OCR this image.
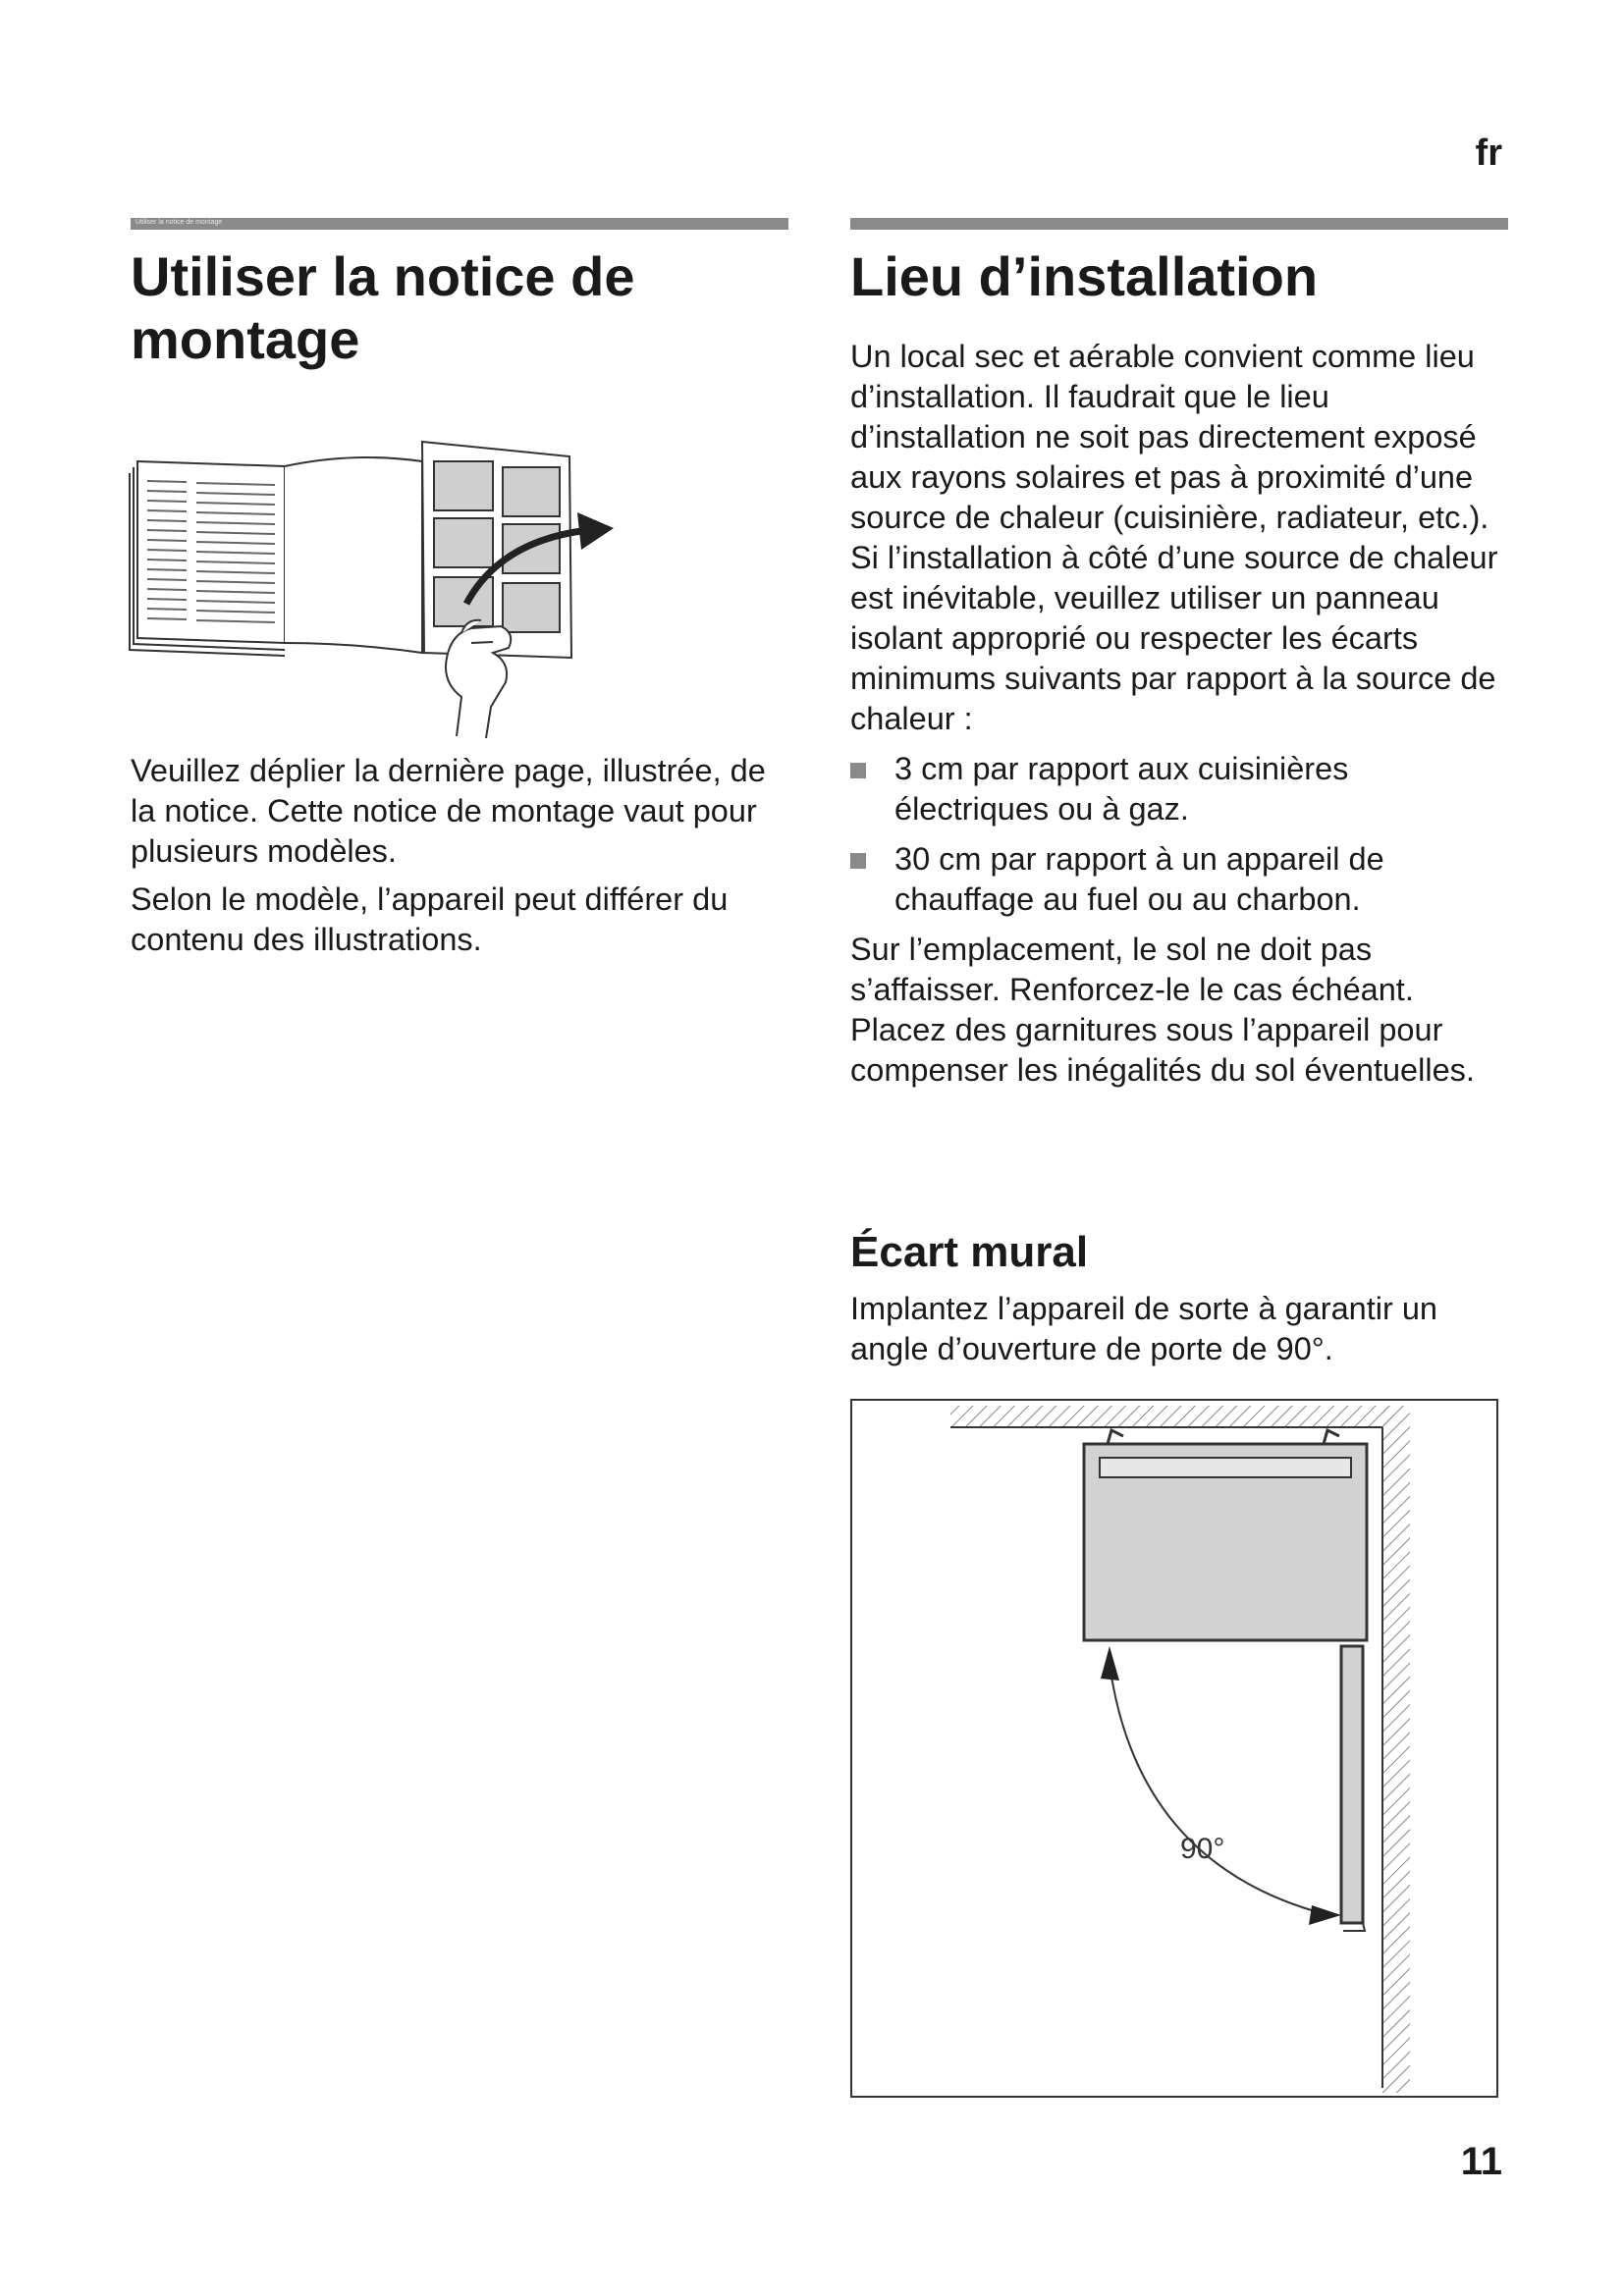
fr
Utiliser la notice de montage
Utiliser la notice de montage

Veuillez déplier la dernière page, illustrée, de la notice. Cette notice de montage vaut pour plusieurs modèles.

Selon le modèle, l’appareil peut différer du contenu des illustrations.

Lieu d’installation

Un local sec et aérable convient comme lieu d’installation. Il faudrait que le lieu d’installation ne soit pas directement exposé aux rayons solaires et pas à proximité d’une source de chaleur (cuisinière, radiateur, etc.).

Si l’installation à côté d’une source de chaleur est inévitable, veuillez utiliser un panneau isolant approprié ou respecter les écarts minimums suivants par rapport à la source de chaleur :

3 cm par rapport aux cuisinières électriques ou à gaz.
30 cm par rapport à un appareil de chauffage au fuel ou au charbon.

Sur l’emplacement, le sol ne doit pas s’affaisser. Renforcez-le le cas échéant. Placez des garnitures sous l’appareil pour compenser les inégalités du sol éventuelles.

Écart mural

Implantez l’appareil de sorte à garantir un angle d’ouverture de porte de 90°.

90°
11
